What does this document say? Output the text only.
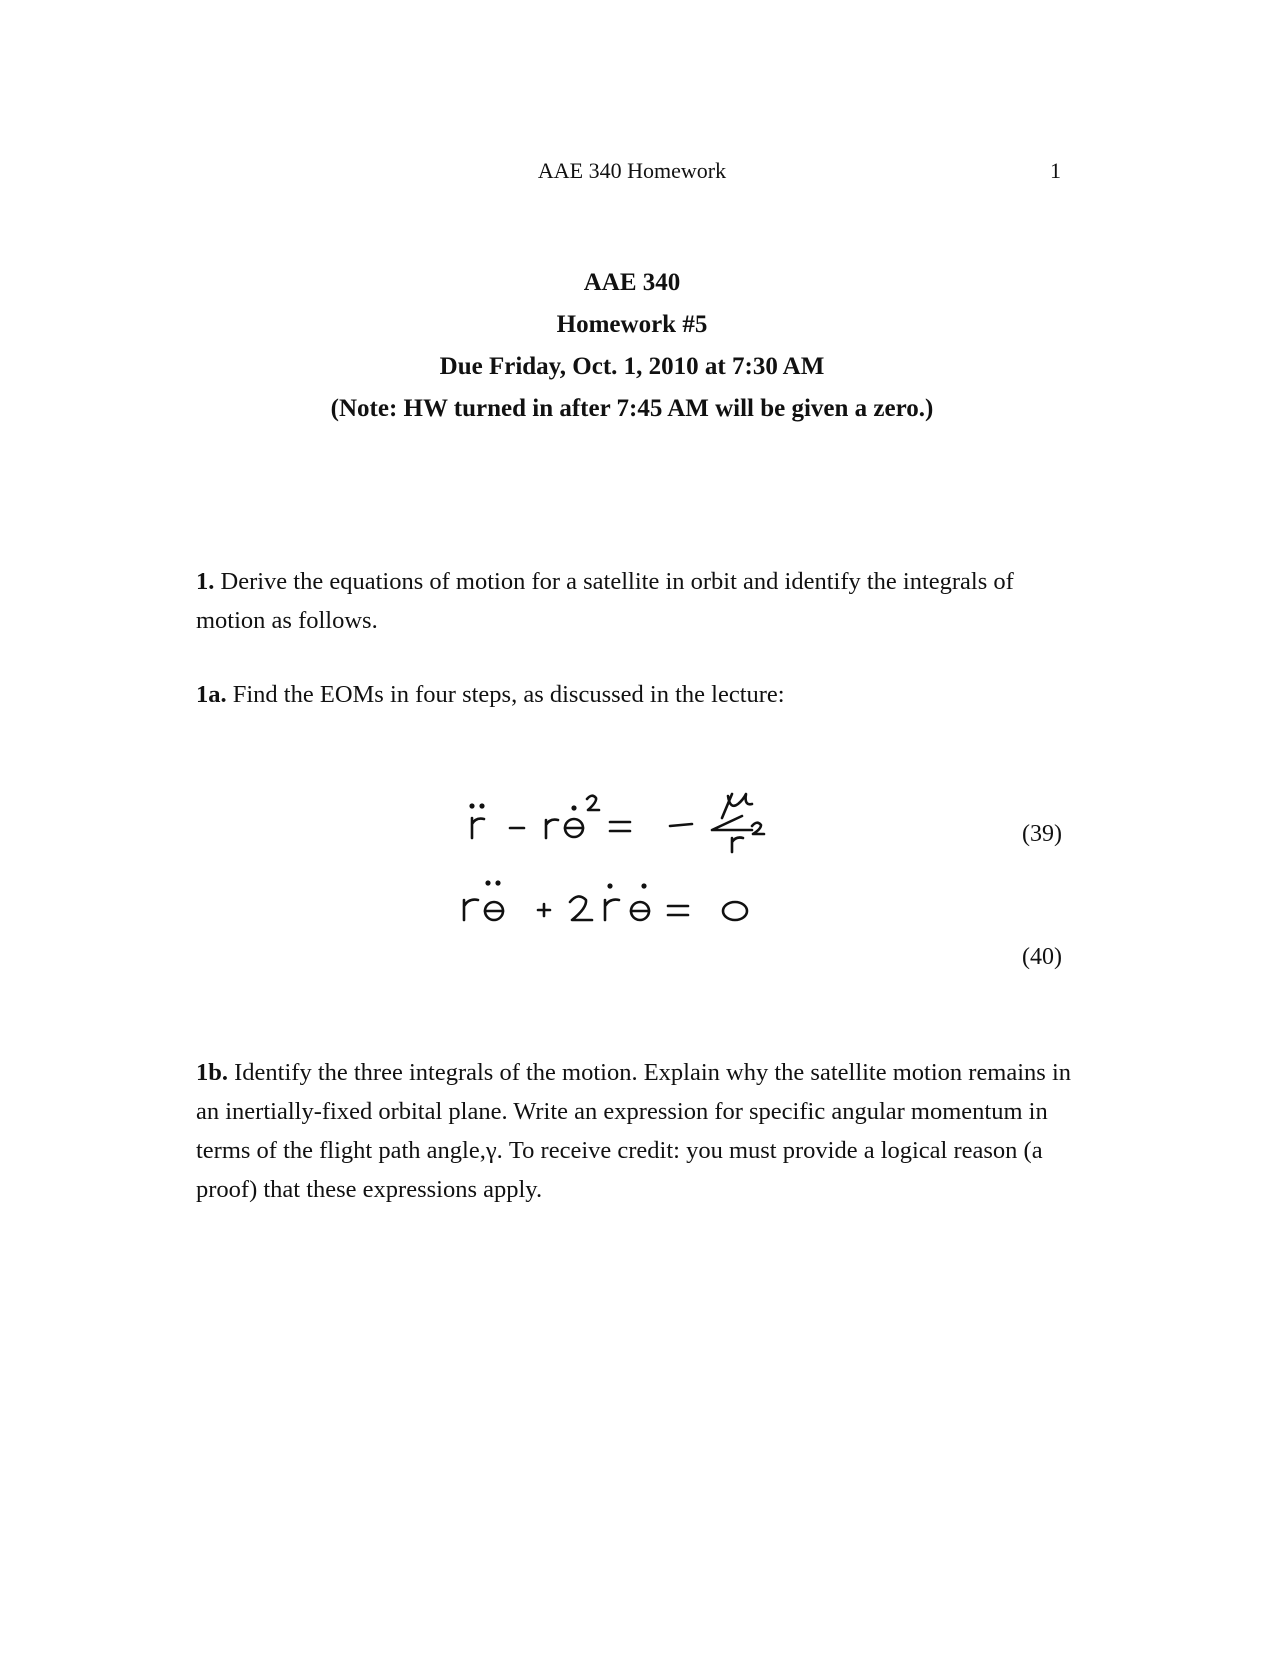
AAE 340 Homework	1
AAE 340
Homework #5
Due Friday, Oct. 1, 2010 at 7:30 AM
(Note: HW turned in after 7:45 AM will be given a zero.)
1. Derive the equations of motion for a satellite in orbit and identify the integrals of motion as follows.
1a. Find the EOMs in four steps, as discussed in the lecture:
(39)
(40)
1b. Identify the three integrals of the motion. Explain why the satellite motion remains in an inertially-fixed orbital plane. Write an expression for specific angular momentum in terms of the flight path angle,γ. To receive credit: you must provide a logical reason (a proof) that these expressions apply.
